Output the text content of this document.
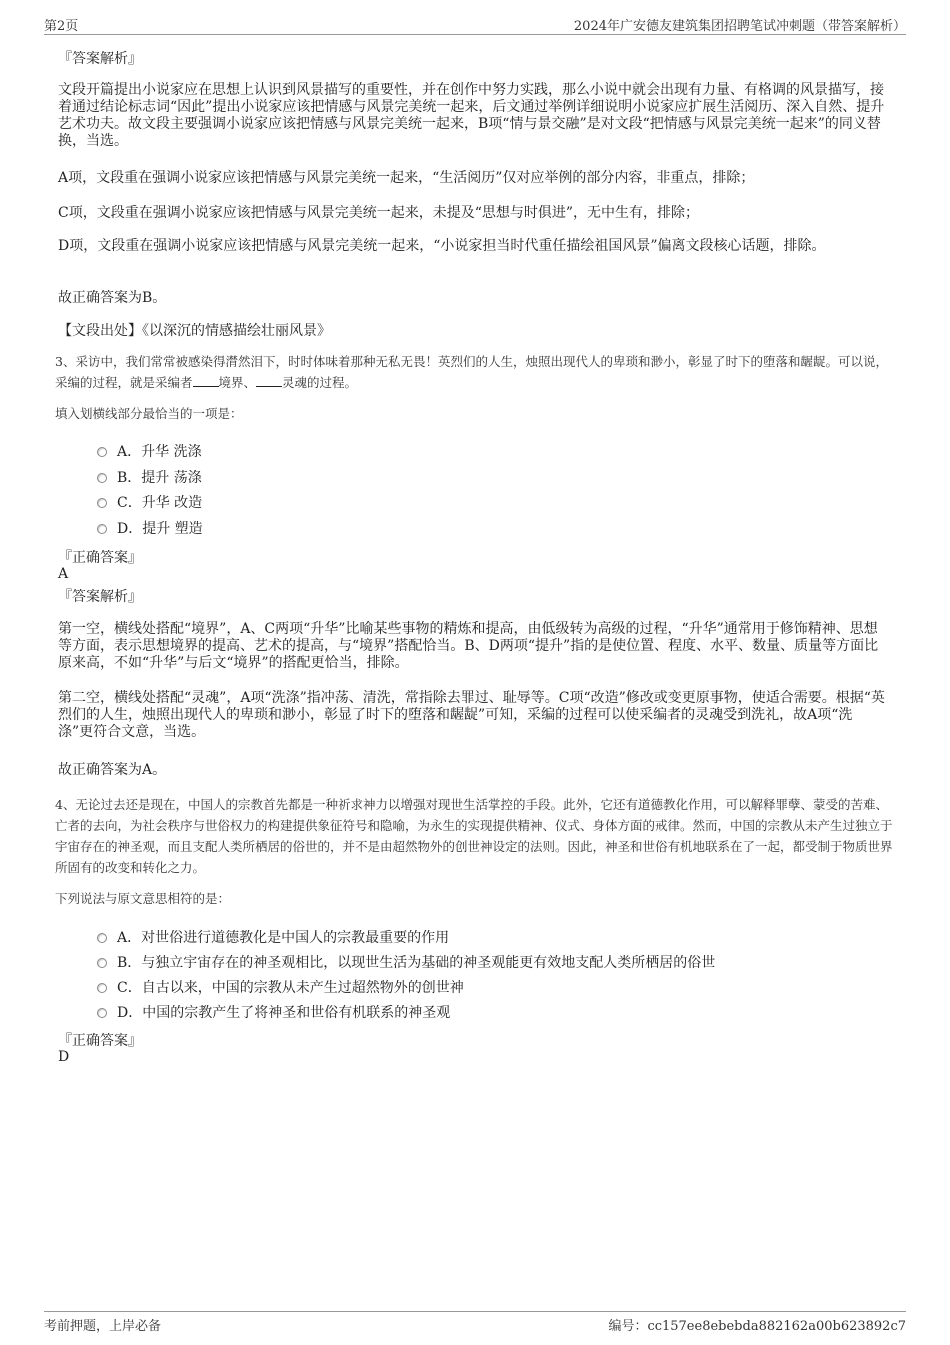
第2页	2024年广安德友建筑集团招聘笔试冲刺题（带答案解析）
『答案解析』
文段开篇提出小说家应在思想上认识到风景描写的重要性，并在创作中努力实践，那么小说中就会出现有力量、有格调的风景描写，接着通过结论标志词“因此”提出小说家应该把情感与风景完美统一起来，后文通过举例详细说明小说家应扩展生活阅历、深入自然、提升艺术功夫。故文段主要强调小说家应该把情感与风景完美统一起来，B项“情与景交融”是对文段“把情感与风景完美统一起来”的同义替换，当选。
A项，文段重在强调小说家应该把情感与风景完美统一起来，“生活阅历”仅对应举例的部分内容，非重点，排除；
C项，文段重在强调小说家应该把情感与风景完美统一起来，未提及“思想与时俱进”，无中生有，排除；
D项，文段重在强调小说家应该把情感与风景完美统一起来，“小说家担当时代重任描绘祖国风景”偏离文段核心话题，排除。
故正确答案为B。
【文段出处】《以深沉的情感描绘壮丽风景》
3、采访中，我们常常被感染得潸然泪下，时时体味着那种无私无畏！英烈们的人生，烛照出现代人的卑琐和渺小，彰显了时下的堕落和龌龊。可以说，采编的过程，就是采编者 境界、 灵魂的过程。
填入划横线部分最恰当的一项是：
A．升华 洗涤
B．提升 荡涤
C．升华 改造
D．提升 塑造
『正确答案』
A
『答案解析』
第一空，横线处搭配“境界”，A、C两项“升华”比喻某些事物的精炼和提高，由低级转为高级的过程，“升华”通常用于修饰精神、思想等方面，表示思想境界的提高、艺术的提高，与“境界”搭配恰当。B、D两项“提升”指的是使位置、程度、水平、数量、质量等方面比原来高，不如“升华”与后文“境界”的搭配更恰当，排除。
第二空，横线处搭配“灵魂”，A项“洗涤”指冲荡、清洗，常指除去罪过、耻辱等。C项“改造”修改或变更原事物，使适合需要。根据“英烈们的人生，烛照出现代人的卑琐和渺小，彰显了时下的堕落和龌龊”可知，采编的过程可以使采编者的灵魂受到洗礼，故A项“洗涤”更符合文意，当选。
故正确答案为A。
4、无论过去还是现在，中国人的宗教首先都是一种祈求神力以增强对现世生活掌控的手段。此外，它还有道德教化作用，可以解释罪孽、蒙受的苦难、亡者的去向，为社会秩序与世俗权力的构建提供象征符号和隐喻，为永生的实现提供精神、仪式、身体方面的戒律。然而，中国的宗教从未产生过独立于宇宙存在的神圣观，而且支配人类所栖居的俗世的，并不是由超然物外的创世神设定的法则。因此，神圣和世俗有机地联系在了一起，都受制于物质世界所固有的改变和转化之力。
下列说法与原文意思相符的是：
A．对世俗进行道德教化是中国人的宗教最重要的作用
B．与独立宇宙存在的神圣观相比，以现世生活为基础的神圣观能更有效地支配人类所栖居的俗世
C．自古以来，中国的宗教从未产生过超然物外的创世神
D．中国的宗教产生了将神圣和世俗有机联系的神圣观
『正确答案』
D
考前押题，上岸必备	编号：cc157ee8ebebda882162a00b623892c7
